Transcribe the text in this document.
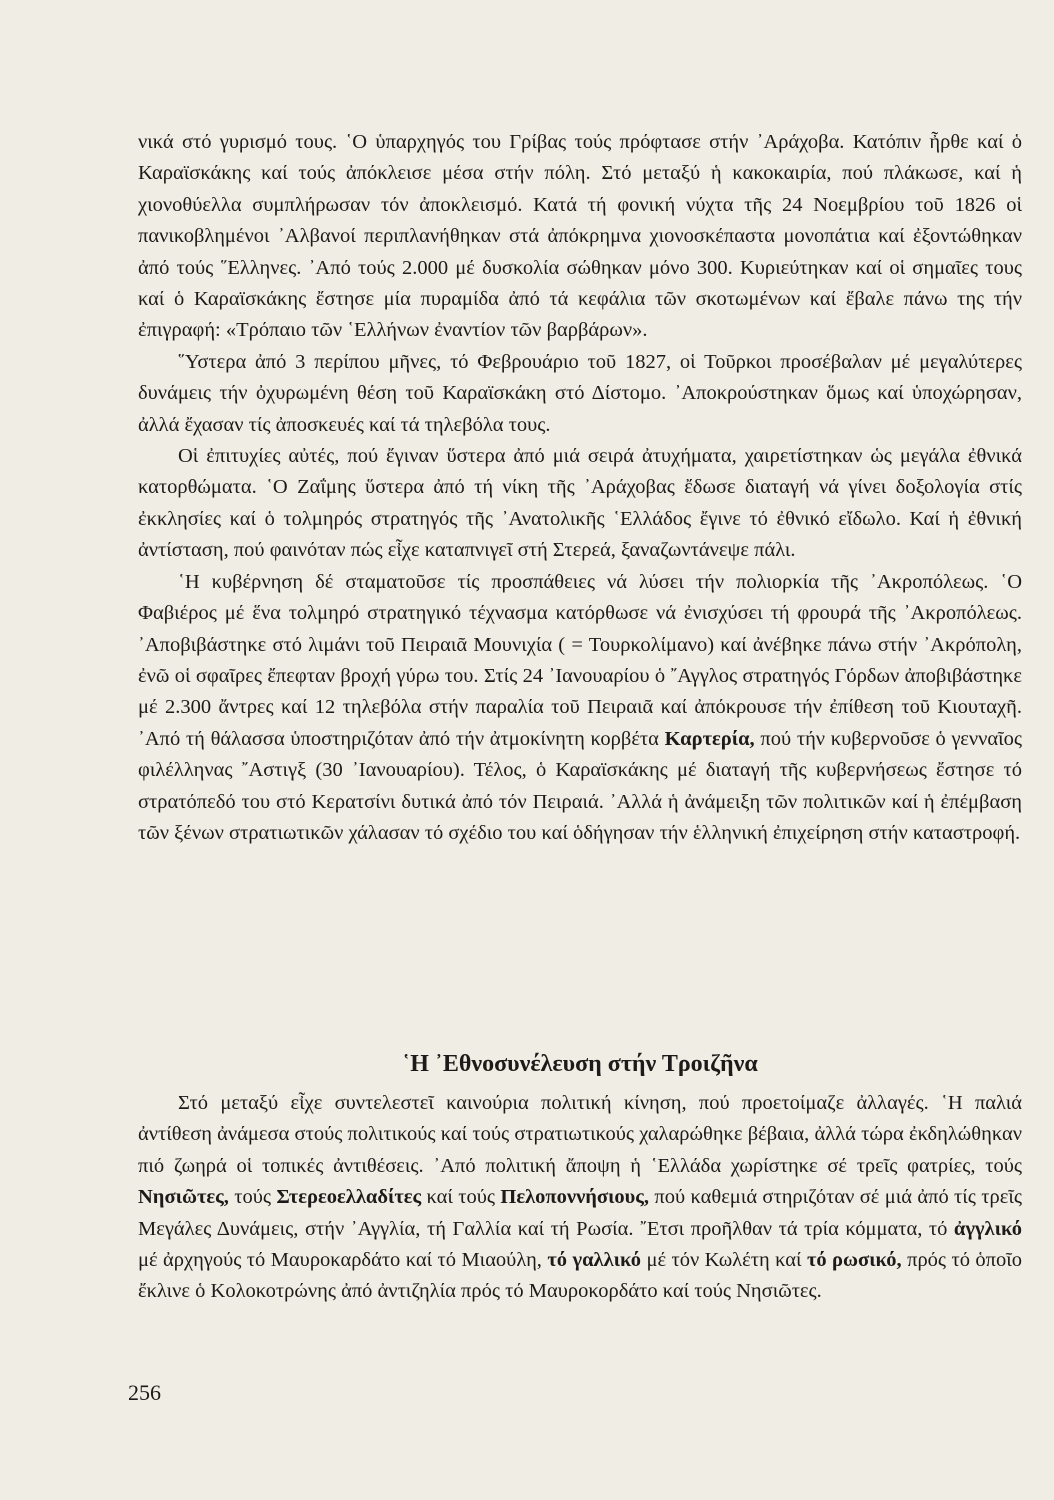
νικά στό γυρισμό τους. ῾Ο ὑπαρχηγός του Γρίβας τούς πρόφτασε στήν ᾿Αράχοβα. Κατόπιν ἦρθε καί ὁ Καραϊσκάκης καί τούς ἀπόκλεισε μέσα στήν πόλη. Στό μεταξύ ἡ κακοκαιρία, πού πλάκωσε, καί ἡ χιονοθύελλα συμπλήρωσαν τόν ἀποκλεισμό. Κατά τή φονική νύχτα τῆς 24 Νοεμβρίου τοῦ 1826 οἱ πανικοβλημένοι ᾿Αλβανοί περιπλανήθηκαν στά ἀπόκρημνα χιονοσκέπαστα μονοπάτια καί ἐξοντώθηκαν ἀπό τούς ῞Ελληνες. ᾿Από τούς 2.000 μέ δυσκολία σώθηκαν μόνο 300. Κυριεύτηκαν καί οἱ σημαῖες τους καί ὁ Καραϊσκάκης ἔστησε μία πυραμίδα ἀπό τά κεφάλια τῶν σκοτωμένων καί ἔβαλε πάνω της τήν ἐπιγραφή: «Τρόπαιο τῶν ῾Ελλήνων ἐναντίον τῶν βαρβάρων».

῞Υστερα ἀπό 3 περίπου μῆνες, τό Φεβρουάριο τοῦ 1827, οἱ Τοῦρκοι προσέβαλαν μέ μεγαλύτερες δυνάμεις τήν ὀχυρωμένη θέση τοῦ Καραϊσκάκη στό Δίστομο. ᾿Αποκρούστηκαν ὅμως καί ὑποχώρησαν, ἀλλά ἔχασαν τίς ἀποσκευές καί τά τηλεβόλα τους.

Οἱ ἐπιτυχίες αὐτές, πού ἔγιναν ὕστερα ἀπό μιά σειρά ἀτυχήματα, χαιρετίστηκαν ὡς μεγάλα ἐθνικά κατορθώματα. ῾Ο Ζαΐμης ὕστερα ἀπό τή νίκη τῆς ᾿Αράχοβας ἔδωσε διαταγή νά γίνει δοξολογία στίς ἐκκλησίες καί ὁ τολμηρός στρατηγός τῆς ᾿Ανατολικῆς ῾Ελλάδος ἔγινε τό ἐθνικό εἴδωλο. Καί ἡ ἐθνική ἀντίσταση, πού φαινόταν πώς εἶχε καταπνιγεῖ στή Στερεά, ξαναζωντάνεψε πάλι.

῾Η κυβέρνηση δέ σταματοῦσε τίς προσπάθειες νά λύσει τήν πολιορκία τῆς ᾿Ακροπόλεως. ῾Ο Φαβιέρος μέ ἕνα τολμηρό στρατηγικό τέχνασμα κατόρθωσε νά ἐνισχύσει τή φρουρά τῆς ᾿Ακροπόλεως. ᾿Αποβιβάστηκε στό λιμάνι τοῦ Πειραιᾶ Μουνιχία ( = Τουρκολίμανο) καί ἀνέβηκε πάνω στήν ᾿Ακρόπολη, ἐνῶ οἱ σφαῖρες ἔπεφταν βροχή γύρω του. Στίς 24 ᾿Ιανουαρίου ὁ ῎Αγγλος στρατηγός Γόρδων ἀποβιβάστηκε μέ 2.300 ἄντρες καί 12 τηλεβόλα στήν παραλία τοῦ Πειραιᾶ καί ἀπόκρουσε τήν ἐπίθεση τοῦ Κιουταχῆ. ᾿Από τή θάλασσα ὑποστηριζόταν ἀπό τήν ἀτμοκίνητη κορβέτα Καρτερία, πού τήν κυβερνοῦσε ὁ γενναῖος φιλέλληνας ῎Αστιγξ (30 ᾿Ιανουαρίου). Τέλος, ὁ Καραϊσκάκης μέ διαταγή τῆς κυβερνήσεως ἔστησε τό στρατόπεδό του στό Κερατσίνι δυτικά ἀπό τόν Πειραιά. ᾿Αλλά ἡ ἀνάμειξη τῶν πολιτικῶν καί ἡ ἐπέμβαση τῶν ξένων στρατιωτικῶν χάλασαν τό σχέδιο του καί ὁδήγησαν τήν ἑλληνική ἐπιχείρηση στήν καταστροφή.

῾Η ᾿Εθνοσυνέλευση στήν Τροιζῆνα

Στό μεταξύ εἶχε συντελεστεῖ καινούρια πολιτική κίνηση, πού προετοίμαζε ἀλλαγές. ῾Η παλιά ἀντίθεση ἀνάμεσα στούς πολιτικούς καί τούς στρατιωτικούς χαλαρώθηκε βέβαια, ἀλλά τώρα ἐκδηλώθηκαν πιό ζωηρά οἱ τοπικές ἀντιθέσεις. ᾿Από πολιτική ἄποψη ἡ ῾Ελλάδα χωρίστηκε σέ τρεῖς φατρίες, τούς Νησιῶτες, τούς Στερεοελλαδίτες καί τούς Πελοποννήσιους, πού καθεμιά στηριζόταν σέ μιά ἀπό τίς τρεῖς Μεγάλες Δυνάμεις, στήν ᾿Αγγλία, τή Γαλλία καί τή Ρωσία. ῎Ετσι προῆλθαν τά τρία κόμματα, τό ἀγγλικό μέ ἀρχηγούς τό Μαυροκαρδάτο καί τό Μιαούλη, τό γαλλικό μέ τόν Κωλέτη καί τό ρωσικό, πρός τό ὁποῖο ἔκλινε ὁ Κολοκοτρώνης ἀπό ἀντιζηλία πρός τό Μαυροκορδάτο καί τούς Νησιῶτες.

256
